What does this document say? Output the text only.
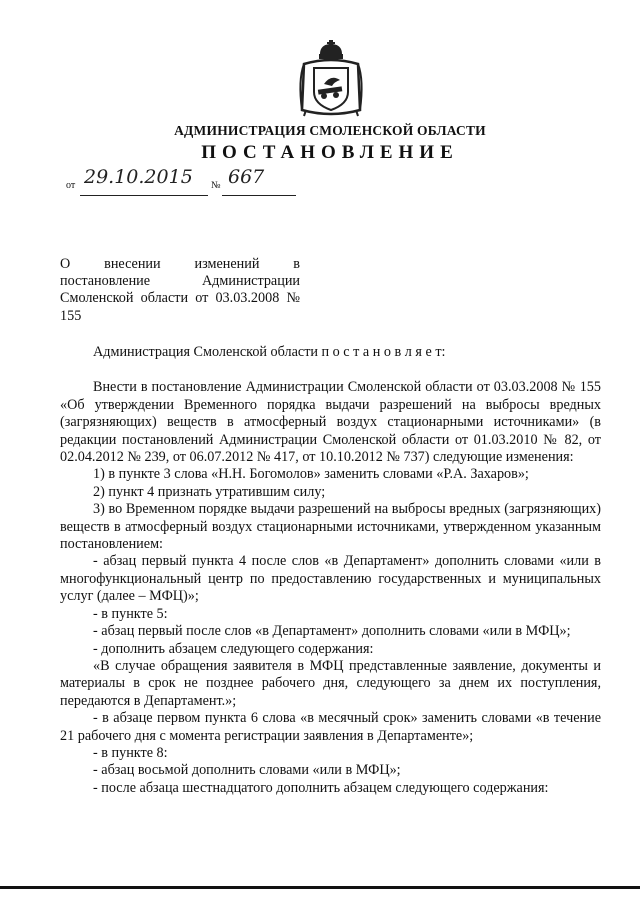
АДМИНИСТРАЦИЯ СМОЛЕНСКОЙ ОБЛАСТИ
ПОСТАНОВЛЕНИЕ
от 29.10.2015 № 667

О внесении изменений в постановление Администрации Смоленской области от 03.03.2008 № 155

Администрация Смоленской области п о с т а н о в л я е т:

Внести в постановление Администрации Смоленской области от 03.03.2008 № 155 «Об утверждении Временного порядка выдачи разрешений на выбросы вредных (загрязняющих) веществ в атмосферный воздух стационарными источниками» (в редакции постановлений Администрации Смоленской области от 01.03.2010 № 82, от 02.04.2012 № 239, от 06.07.2012 № 417, от 10.10.2012 № 737) следующие изменения:

1) в пункте 3 слова «Н.Н. Богомолов» заменить словами «Р.А. Захаров»;

2) пункт 4 признать утратившим силу;

3) во Временном порядке выдачи разрешений на выбросы вредных (загрязняющих) веществ в атмосферный воздух стационарными источниками, утвержденном указанным постановлением:

- абзац первый пункта 4 после слов «в Департамент» дополнить словами «или в многофункциональный центр по предоставлению государственных и муниципальных услуг (далее – МФЦ)»;

- в пункте 5:

- абзац первый после слов «в Департамент» дополнить словами «или в МФЦ»;

- дополнить абзацем следующего содержания:

«В случае обращения заявителя в МФЦ представленные заявление, документы и материалы в срок не позднее рабочего дня, следующего за днем их поступления, передаются в Департамент.»;

- в абзаце первом пункта 6 слова «в месячный срок» заменить словами «в течение 21 рабочего дня с момента регистрации заявления в Департаменте»;

- в пункте 8:

- абзац восьмой дополнить словами «или в МФЦ»;

- после абзаца шестнадцатого дополнить абзацем следующего содержания:
